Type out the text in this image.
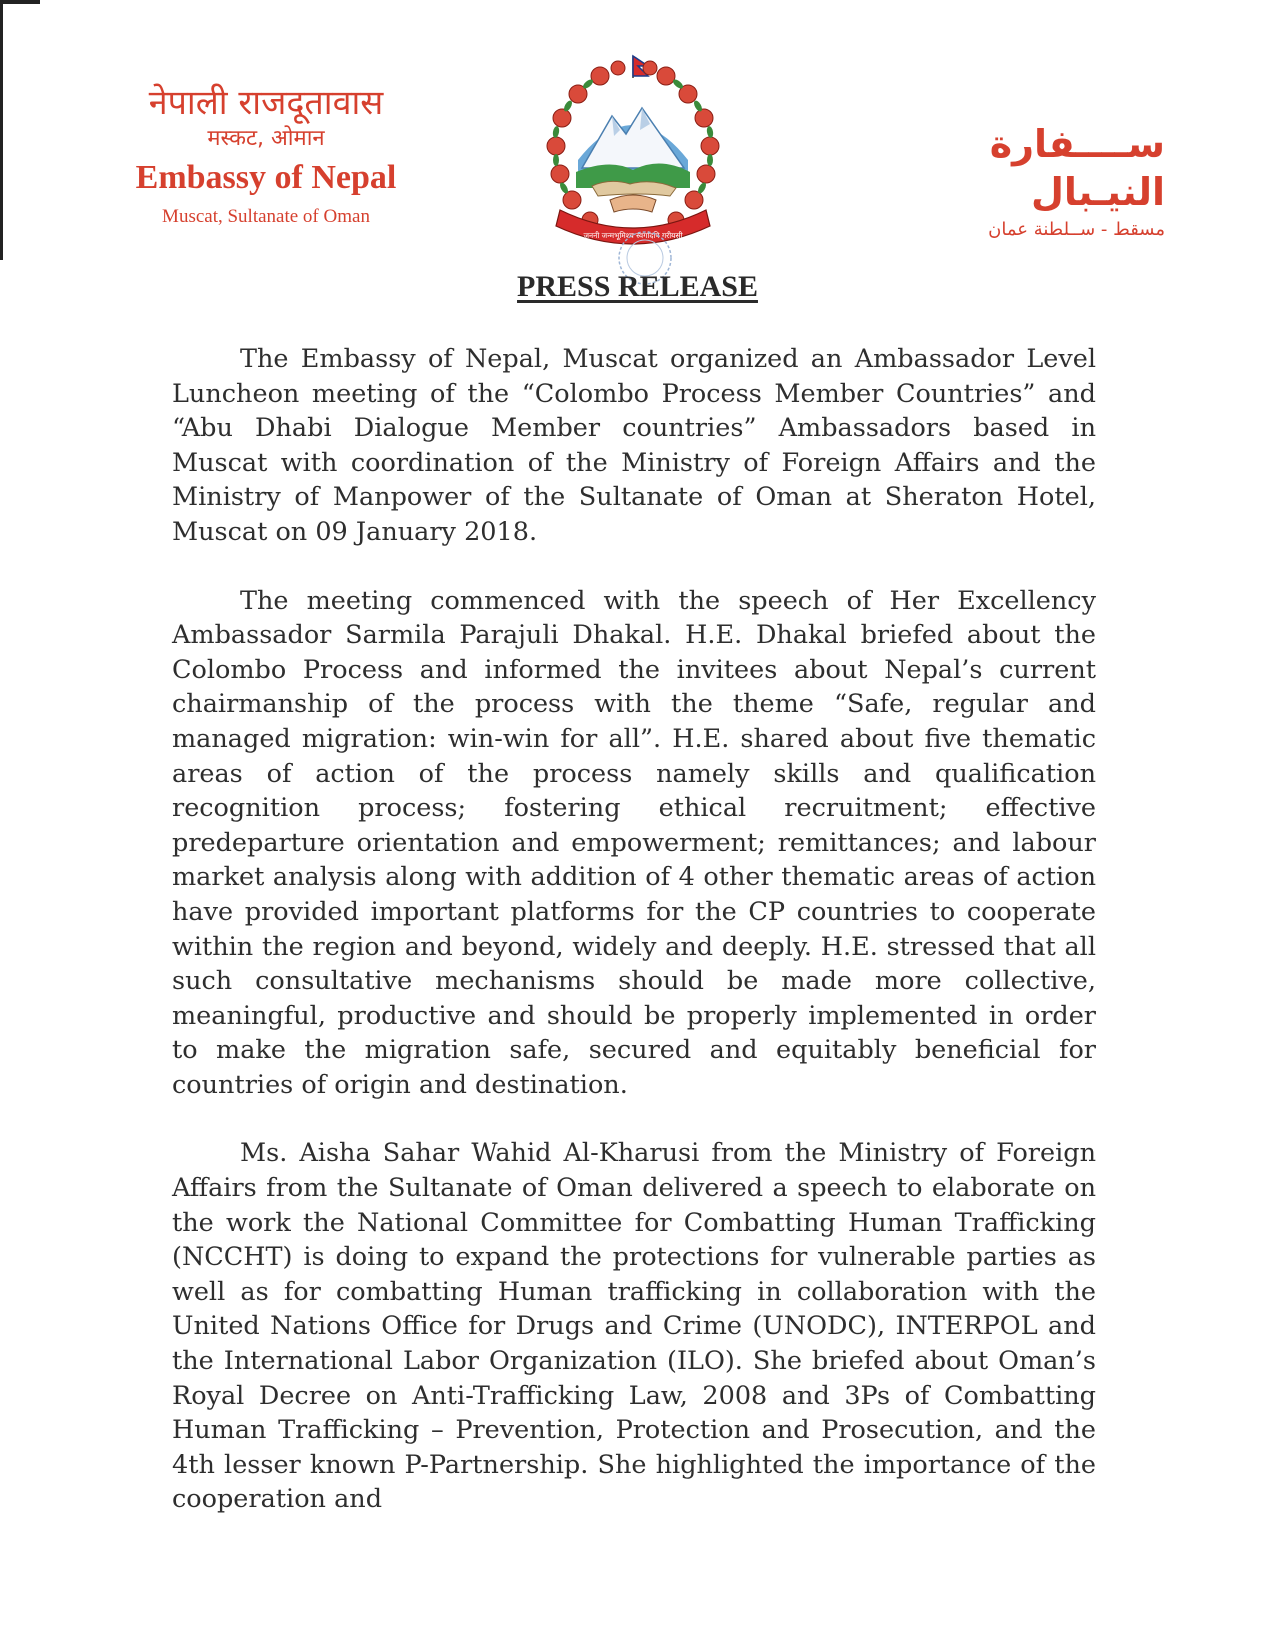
नेपाली राजदूतावास
मस्कट, ओमान
Embassy of Nepal
Muscat, Sultanate of Oman
जननी जन्मभूमिश्च स्वर्गादपि गरीयसी
ســــفارة النيـبال
مسقط - ســلطنة عمان
PRESS RELEASE

The Embassy of Nepal, Muscat organized an Ambassador Level Luncheon meeting of the “Colombo Process Member Countries” and “Abu Dhabi Dialogue Member countries” Ambassadors based in Muscat with coordination of the Ministry of Foreign Affairs and the Ministry of Manpower of the Sultanate of Oman at Sheraton Hotel, Muscat on 09 January 2018.

The meeting commenced with the speech of Her Excellency Ambassador Sarmila Parajuli Dhakal. H.E. Dhakal briefed about the Colombo Process and informed the invitees about Nepal’s current chairmanship of the process with the theme “Safe, regular and managed migration: win-win for all”. H.E. shared about five thematic areas of action of the process namely skills and qualification recognition process; fostering ethical recruitment; effective predeparture orientation and empowerment; remittances; and labour market analysis along with addition of 4 other thematic areas of action have provided important platforms for the CP countries to cooperate within the region and beyond, widely and deeply. H.E. stressed that all such consultative mechanisms should be made more collective, meaningful, productive and should be properly implemented in order to make the migration safe, secured and equitably beneficial for countries of origin and destination.

Ms. Aisha Sahar Wahid Al-Kharusi from the Ministry of Foreign Affairs from the Sultanate of Oman delivered a speech to elaborate on the work the National Committee for Combatting Human Trafficking (NCCHT) is doing to expand the protections for vulnerable parties as well as for combatting Human trafficking in collaboration with the United Nations Office for Drugs and Crime (UNODC), INTERPOL and the International Labor Organization (ILO). She briefed about Oman’s Royal Decree on Anti-Trafficking Law, 2008 and 3Ps of Combatting Human Trafficking – Prevention, Protection and Prosecution, and the 4th lesser known P-Partnership. She highlighted the importance of the cooperation and
